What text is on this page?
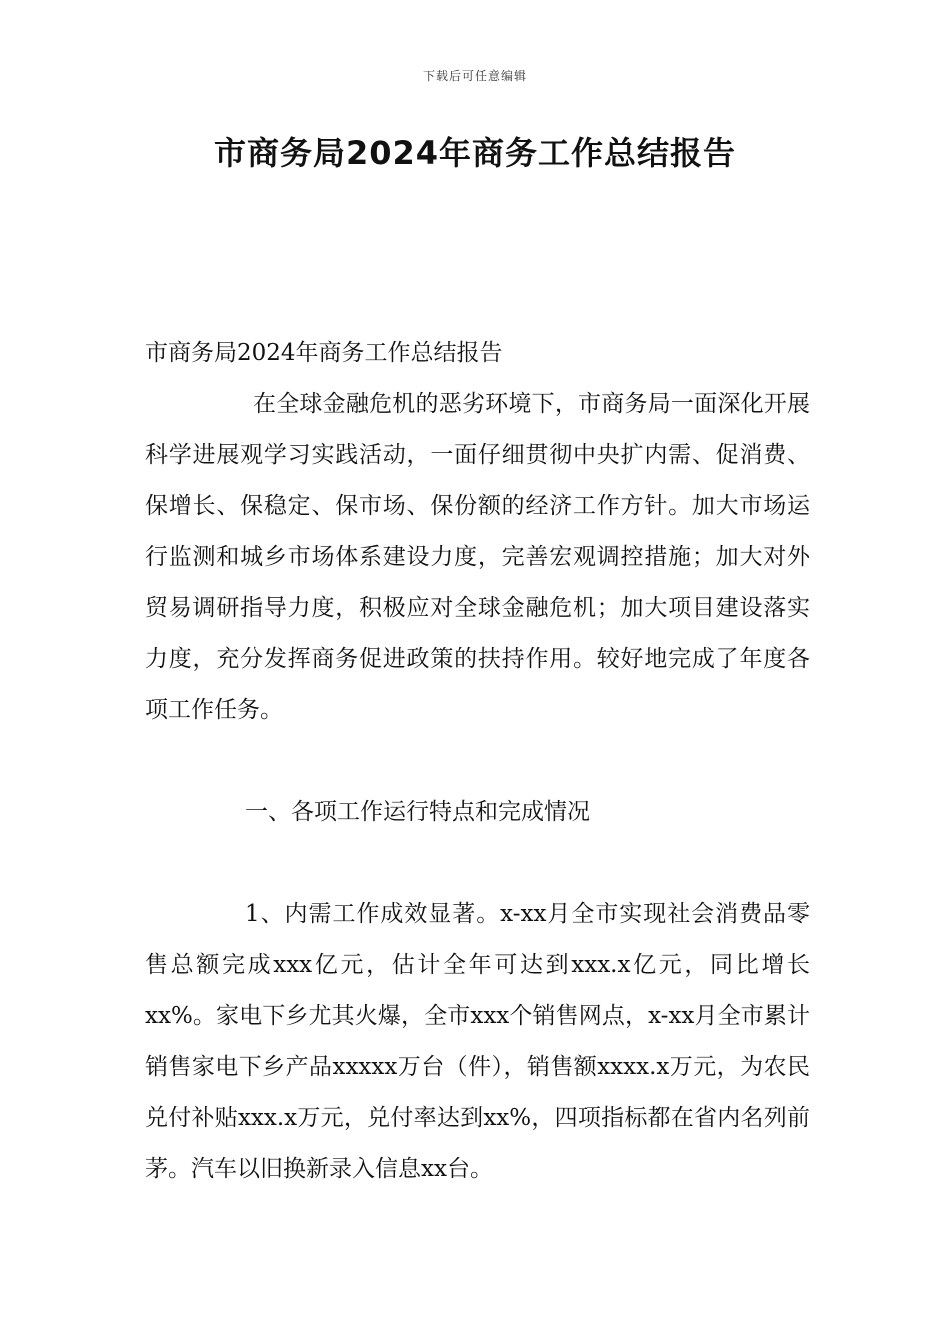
下载后可任意编辑
市商务局2024年商务工作总结报告

市商务局2024年商务工作总结报告

在全球金融危机的恶劣环境下，市商务局一面深化开展科学进展观学习实践活动，一面仔细贯彻中央扩内需、促消费、保增长、保稳定、保市场、保份额的经济工作方针。加大市场运行监测和城乡市场体系建设力度，完善宏观调控措施；加大对外贸易调研指导力度，积极应对全球金融危机；加大项目建设落实力度，充分发挥商务促进政策的扶持作用。较好地完成了年度各项工作任务。

一、各项工作运行特点和完成情况

1、内需工作成效显著。x-xx月全市实现社会消费品零售总额完成xxx亿元，估计全年可达到xxx.x亿元，同比增长xx%。家电下乡尤其火爆，全市xxx个销售网点，x-xx月全市累计销售家电下乡产品xxxxx万台（件），销售额xxxx.x万元，为农民兑付补贴xxx.x万元，兑付率达到xx%，四项指标都在省内名列前茅。汽车以旧换新录入信息xx台。
